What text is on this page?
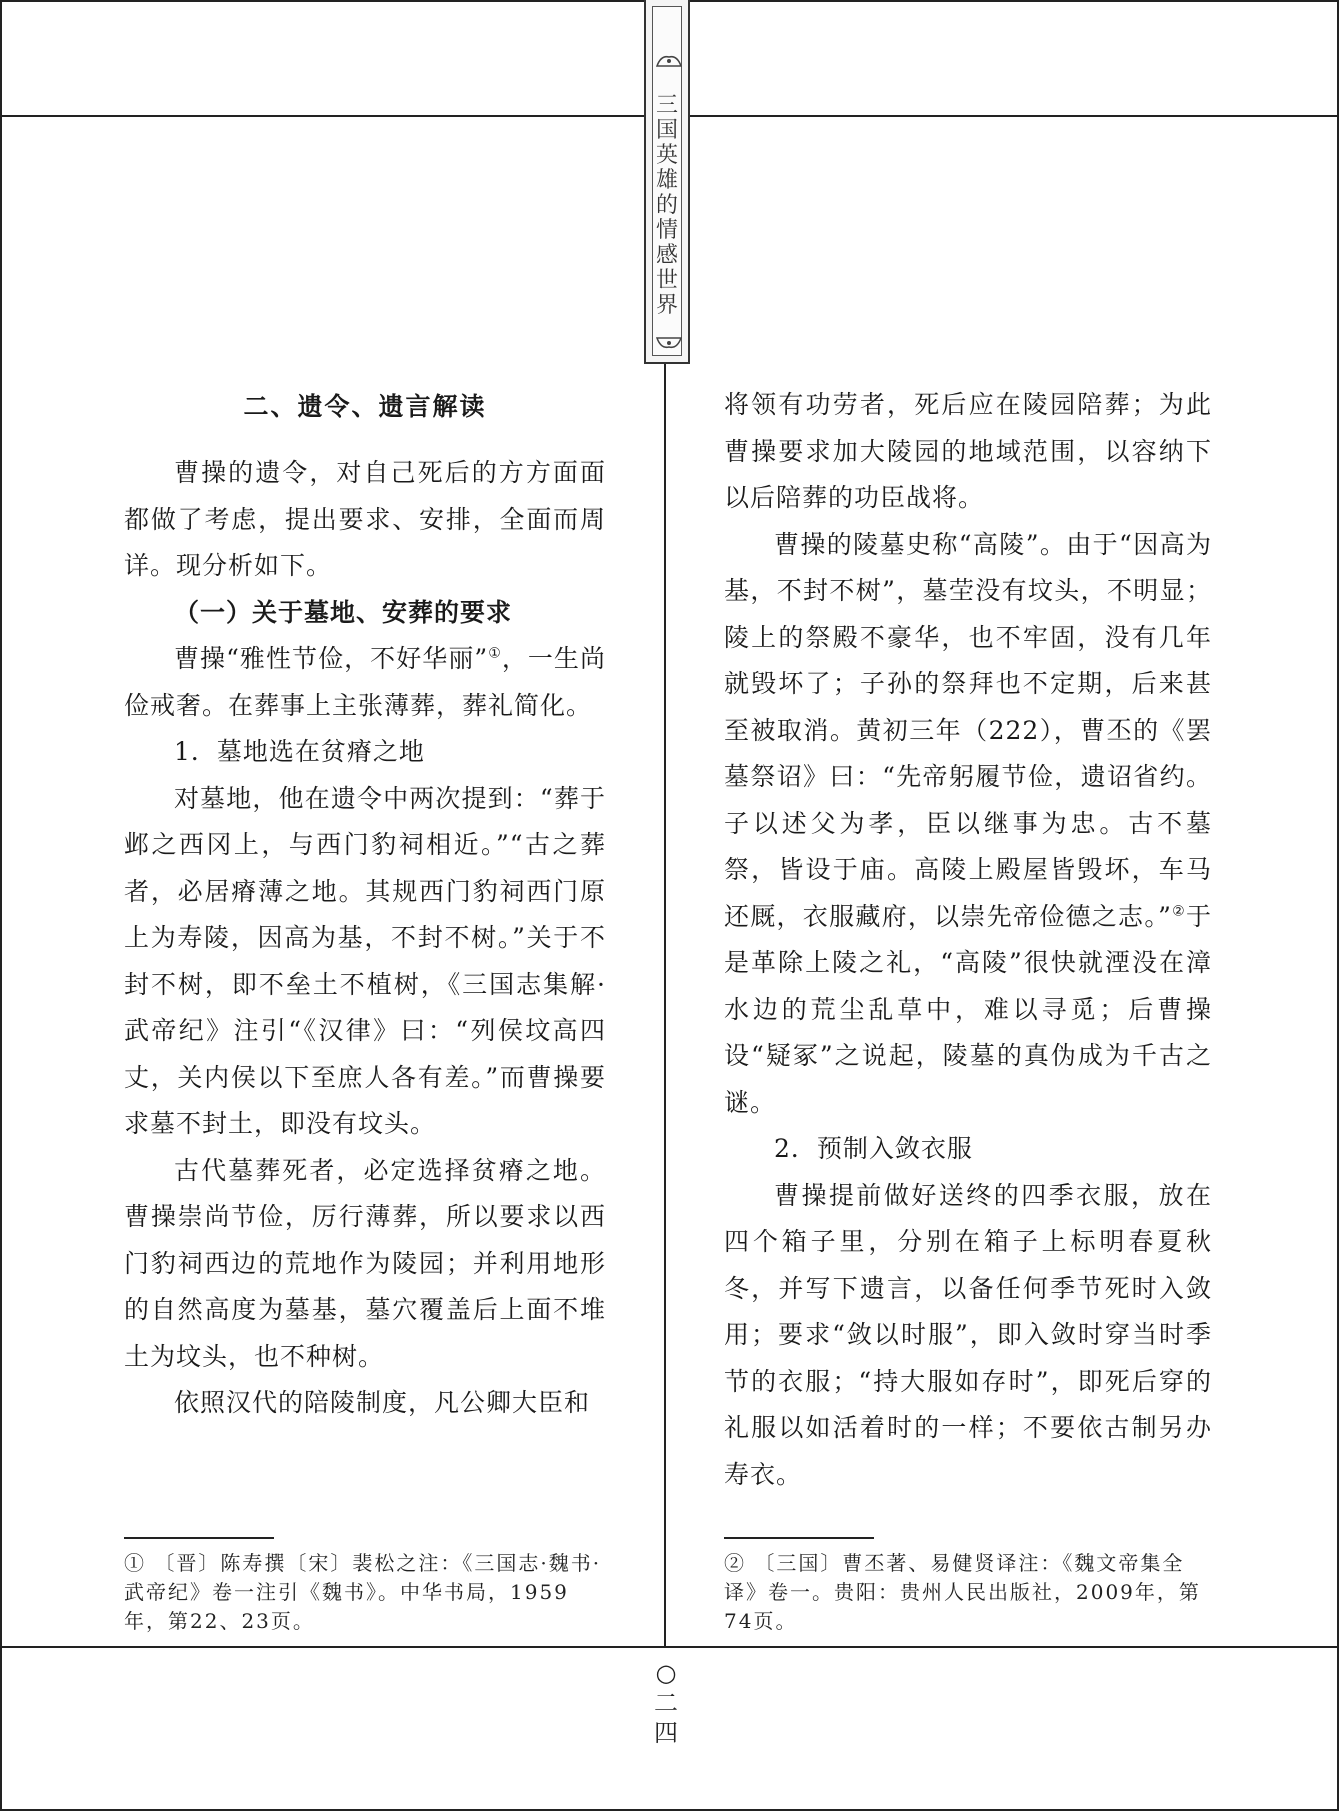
三
国
英
雄
的
情
感
世
界
二、遗令、遗言解读

曹操的遗令，对自己死后的方方面面都做了考虑，提出要求、安排，全面而周详。现分析如下。

（一）关于墓地、安葬的要求

曹操“雅性节俭，不好华丽”①，一生尚俭戒奢。在葬事上主张薄葬，葬礼简化。

1．墓地选在贫瘠之地

对墓地，他在遗令中两次提到：“葬于邺之西冈上，与西门豹祠相近。”“古之葬者，必居瘠薄之地。其规西门豹祠西门原上为寿陵，因高为基，不封不树。”关于不封不树，即不垒土不植树，《三国志集解·武帝纪》注引“《汉律》曰：“列侯坟高四丈，关内侯以下至庶人各有差。”而曹操要求墓不封土，即没有坟头。

古代墓葬死者，必定选择贫瘠之地。曹操崇尚节俭，厉行薄葬，所以要求以西门豹祠西边的荒地作为陵园；并利用地形的自然高度为墓基，墓穴覆盖后上面不堆土为坟头，也不种树。

依照汉代的陪陵制度，凡公卿大臣和

将领有功劳者，死后应在陵园陪葬；为此曹操要求加大陵园的地域范围，以容纳下以后陪葬的功臣战将。

曹操的陵墓史称“高陵”。由于“因高为基，不封不树”，墓茔没有坟头，不明显；陵上的祭殿不豪华，也不牢固，没有几年就毁坏了；子孙的祭拜也不定期，后来甚至被取消。黄初三年（222），曹丕的《罢墓祭诏》曰：“先帝躬履节俭，遗诏省约。子以述父为孝，臣以继事为忠。古不墓祭，皆设于庙。高陵上殿屋皆毁坏，车马还厩，衣服藏府，以崇先帝俭德之志。”②于是革除上陵之礼，“高陵”很快就湮没在漳水边的荒尘乱草中，难以寻觅；后曹操设“疑冢”之说起，陵墓的真伪成为千古之谜。

2．预制入敛衣服

曹操提前做好送终的四季衣服，放在四个箱子里，分别在箱子上标明春夏秋冬，并写下遗言，以备任何季节死时入敛用；要求“敛以时服”，即入敛时穿当时季节的衣服；“持大服如存时”，即死后穿的礼服以如活着时的一样；不要依古制另办寿衣。

① 〔晋〕陈寿撰〔宋〕裴松之注：《三国志·魏书·武帝纪》卷一注引《魏书》。中华书局，1959年，第22、23页。
② 〔三国〕曹丕著、易健贤译注：《魏文帝集全译》卷一。贵阳：贵州人民出版社，2009年，第74页。
○
二
四
